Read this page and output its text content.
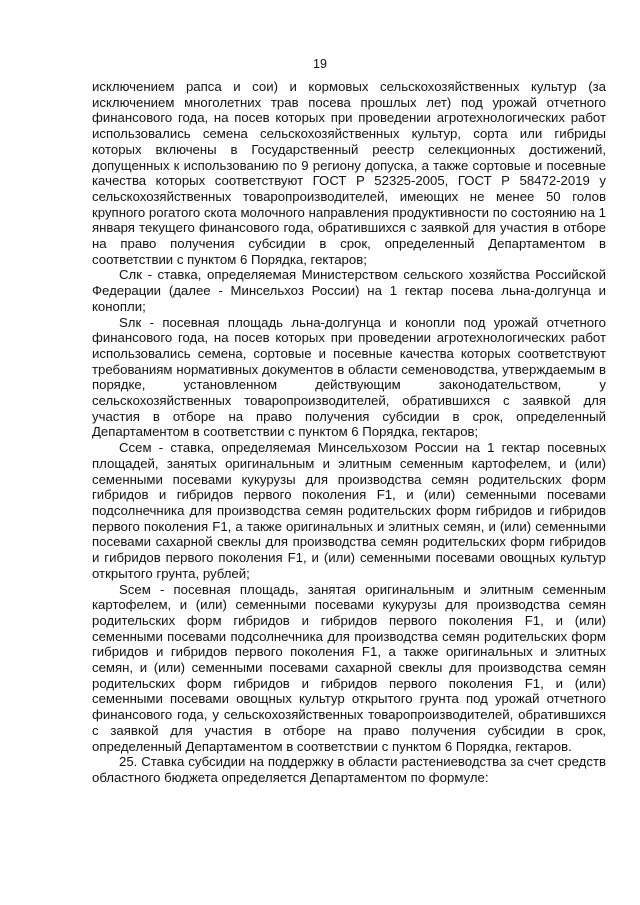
19

исключением рапса и сои) и кормовых сельскохозяйственных культур (за исключением многолетних трав посева прошлых лет) под урожай отчетного финансового года, на посев которых при проведении агротехнологических работ использовались семена сельскохозяйственных культур, сорта или гибриды которых включены в Государственный реестр селекционных достижений, допущенных к использованию по 9 региону допуска, а также сортовые и посевные качества которых соответствуют ГОСТ Р 52325-2005, ГОСТ Р 58472-2019 у сельскохозяйственных товаропроизводителей, имеющих не менее 50 голов крупного рогатого скота молочного направления продуктивности по состоянию на 1 января текущего финансового года, обратившихся с заявкой для участия в отборе на право получения субсидии в срок, определенный Департаментом в соответствии с пунктом 6 Порядка, гектаров;

Слк - ставка, определяемая Министерством сельского хозяйства Российской Федерации (далее - Минсельхоз России) на 1 гектар посева льна-долгунца и конопли;

Sлк - посевная площадь льна-долгунца и конопли под урожай отчетного финансового года, на посев которых при проведении агротехнологических работ использовались семена, сортовые и посевные качества которых соответствуют требованиям нормативных документов в области семеноводства, утверждаемым в порядке, установленном действующим законодательством, у сельскохозяйственных товаропроизводителей, обратившихся с заявкой для участия в отборе на право получения субсидии в срок, определенный Департаментом в соответствии с пунктом 6 Порядка, гектаров;

Ссем - ставка, определяемая Минсельхозом России на 1 гектар посевных площадей, занятых оригинальным и элитным семенным картофелем, и (или) семенными посевами кукурузы для производства семян родительских форм гибридов и гибридов первого поколения F1, и (или) семенными посевами подсолнечника для производства семян родительских форм гибридов и гибридов первого поколения F1, а также оригинальных и элитных семян, и (или) семенными посевами сахарной свеклы для производства семян родительских форм гибридов и гибридов первого поколения F1, и (или) семенными посевами овощных культур открытого грунта, рублей;

Sсем - посевная площадь, занятая оригинальным и элитным семенным картофелем, и (или) семенными посевами кукурузы для производства семян родительских форм гибридов и гибридов первого поколения F1, и (или) семенными посевами подсолнечника для производства семян родительских форм гибридов и гибридов первого поколения F1, а также оригинальных и элитных семян, и (или) семенными посевами сахарной свеклы для производства семян родительских форм гибридов и гибридов первого поколения F1, и (или) семенными посевами овощных культур открытого грунта под урожай отчетного финансового года, у сельскохозяйственных товаропроизводителей, обратившихся с заявкой для участия в отборе на право получения субсидии в срок, определенный Департаментом в соответствии с пунктом 6 Порядка, гектаров.

25. Ставка субсидии на поддержку в области растениеводства за счет средств областного бюджета определяется Департаментом по формуле:
